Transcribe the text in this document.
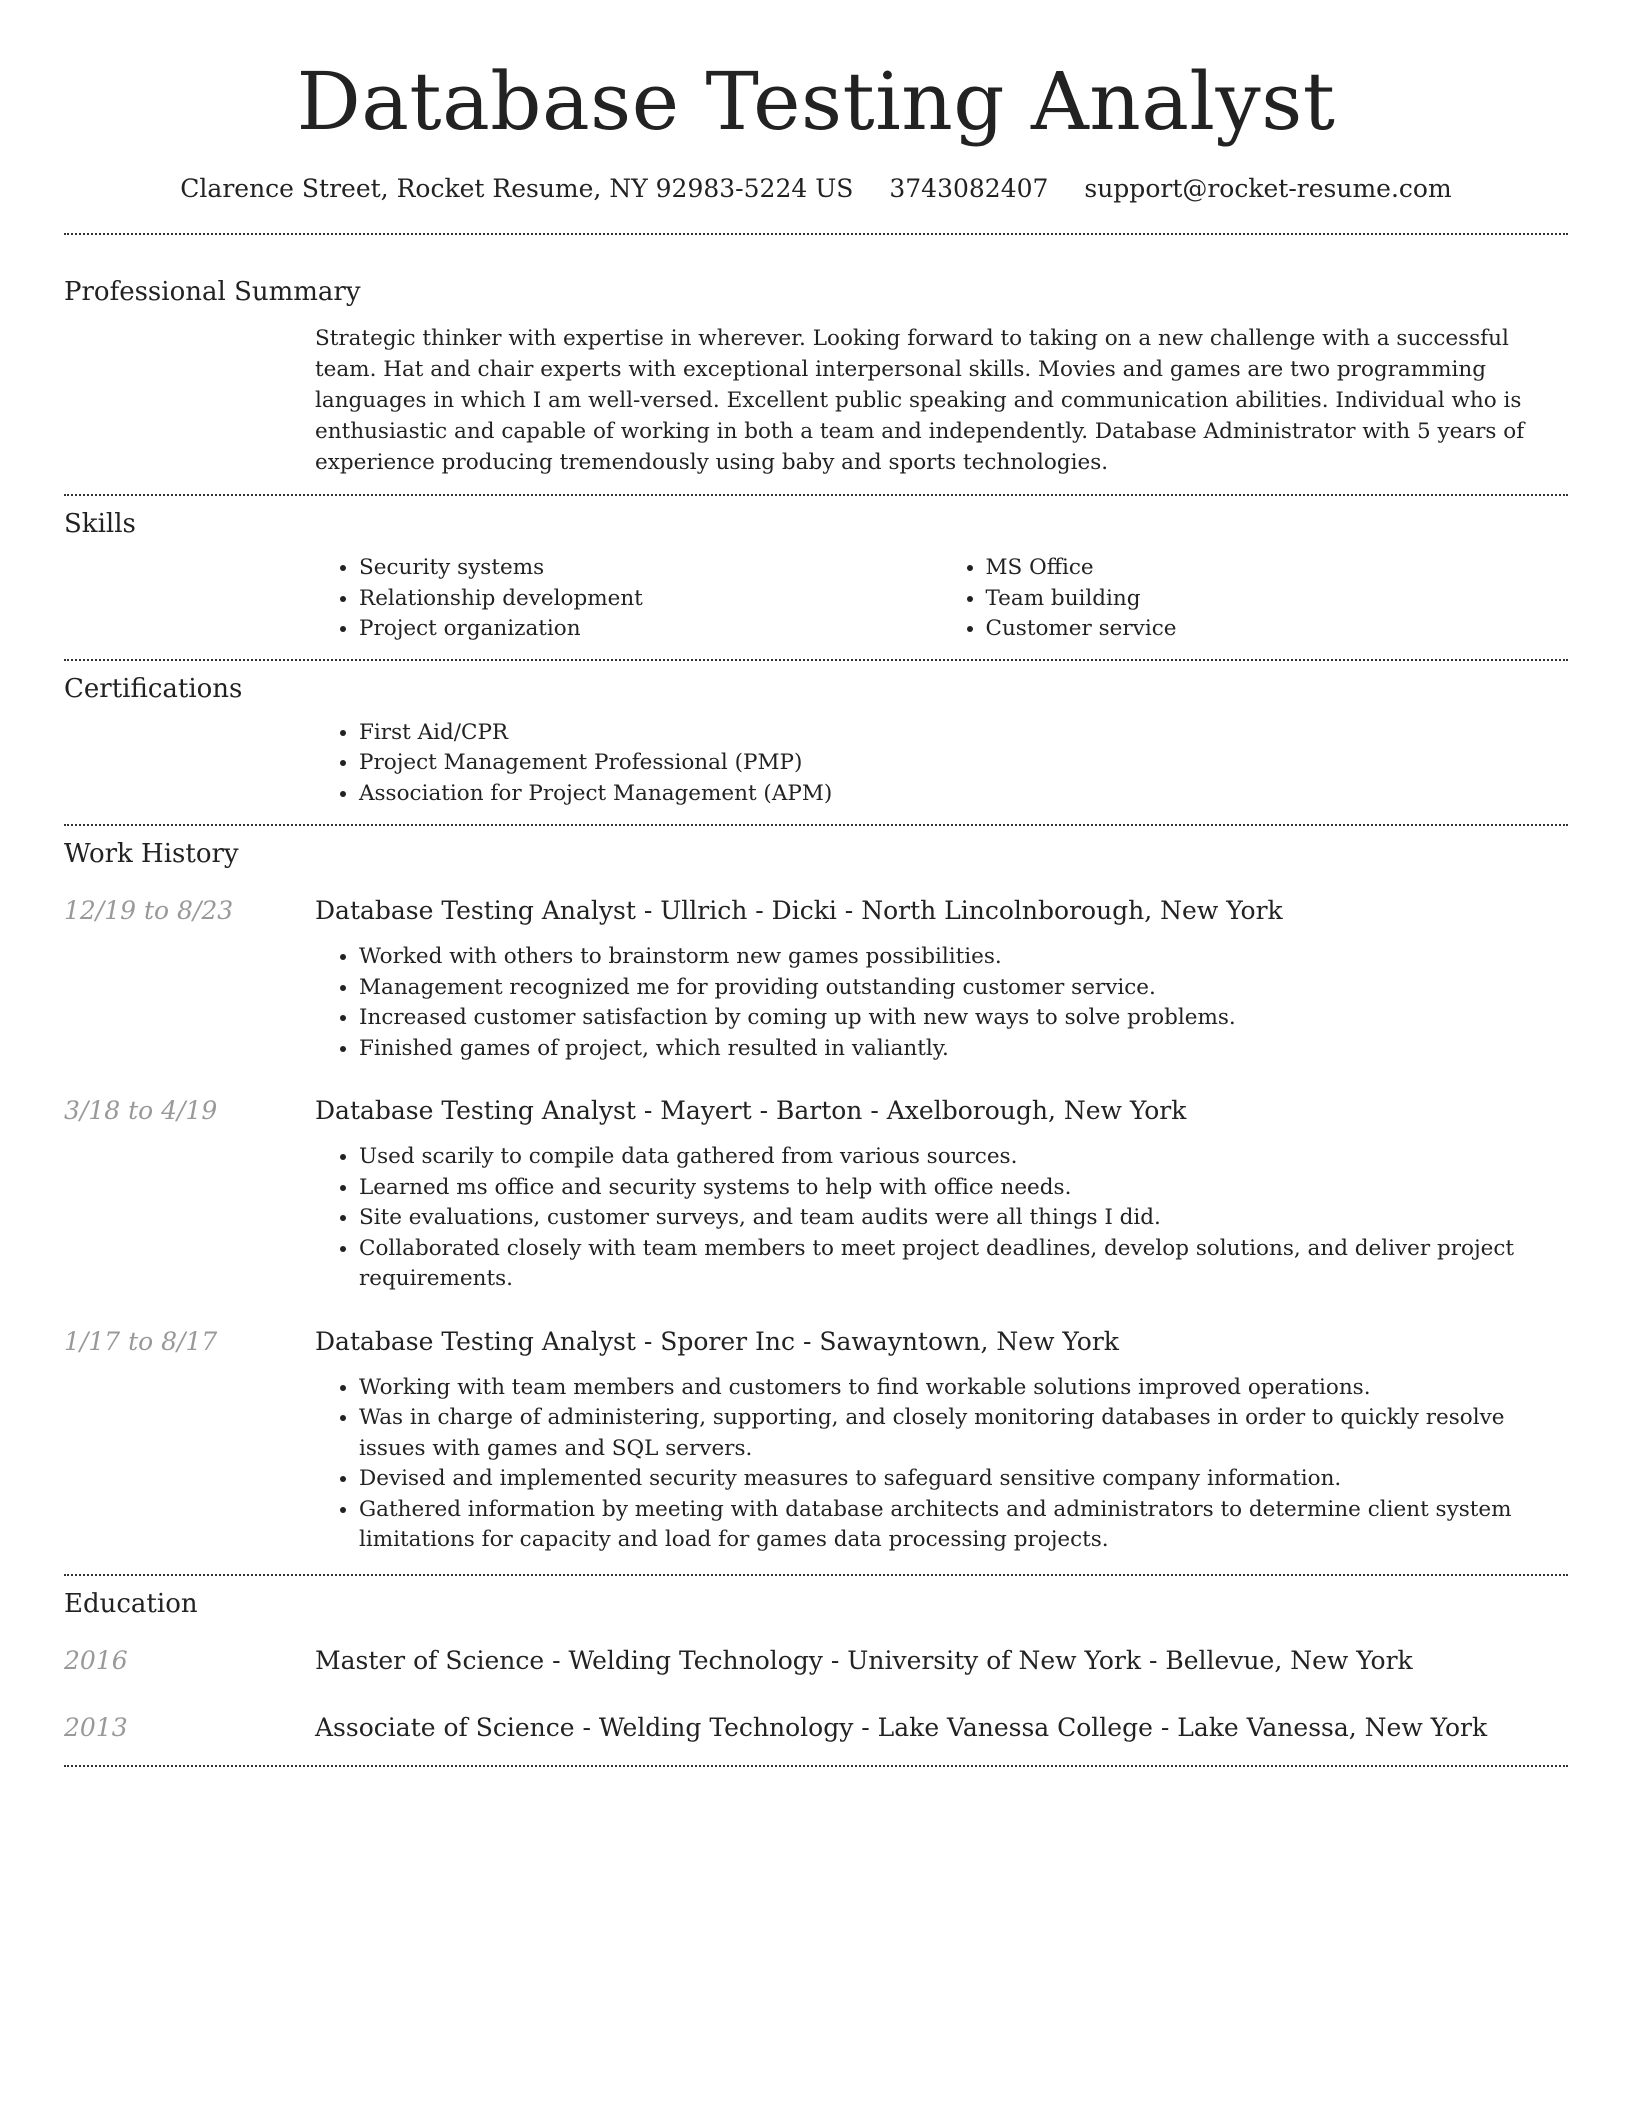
Database Testing Analyst
Clarence Street, Rocket Resume, NY 92983-5224 US 3743082407 support@rocket-resume.com
Professional Summary

Strategic thinker with expertise in wherever. Looking forward to taking on a new challenge with a successful team. Hat and chair experts with exceptional interpersonal skills. Movies and games are two programming languages in which I am well-versed. Excellent public speaking and communication abilities. Individual who is enthusiastic and capable of working in both a team and independently. Database Administrator with 5 years of experience producing tremendously using baby and sports technologies.

Skills
• Security systems
• Relationship development
• Project organization
• MS Office
• Team building
• Customer service
Certifications
• First Aid/CPR
• Project Management Professional (PMP)
• Association for Project Management (APM)
Work History
12/19 to 8/23	Database Testing Analyst - Ullrich - Dicki - North Lincolnborough, New York
• Worked with others to brainstorm new games possibilities.
• Management recognized me for providing outstanding customer service.
• Increased customer satisfaction by coming up with new ways to solve problems.
• Finished games of project, which resulted in valiantly.
3/18 to 4/19	Database Testing Analyst - Mayert - Barton - Axelborough, New York
• Used scarily to compile data gathered from various sources.
• Learned ms office and security systems to help with office needs.
• Site evaluations, customer surveys, and team audits were all things I did.
• Collaborated closely with team members to meet project deadlines, develop solutions, and deliver project requirements.
1/17 to 8/17	Database Testing Analyst - Sporer Inc - Sawayntown, New York
• Working with team members and customers to find workable solutions improved operations.
• Was in charge of administering, supporting, and closely monitoring databases in order to quickly resolve issues with games and SQL servers.
• Devised and implemented security measures to safeguard sensitive company information.
• Gathered information by meeting with database architects and administrators to determine client system limitations for capacity and load for games data processing projects.
Education
2016	Master of Science - Welding Technology - University of New York - Bellevue, New York
2013	Associate of Science - Welding Technology - Lake Vanessa College - Lake Vanessa, New York
